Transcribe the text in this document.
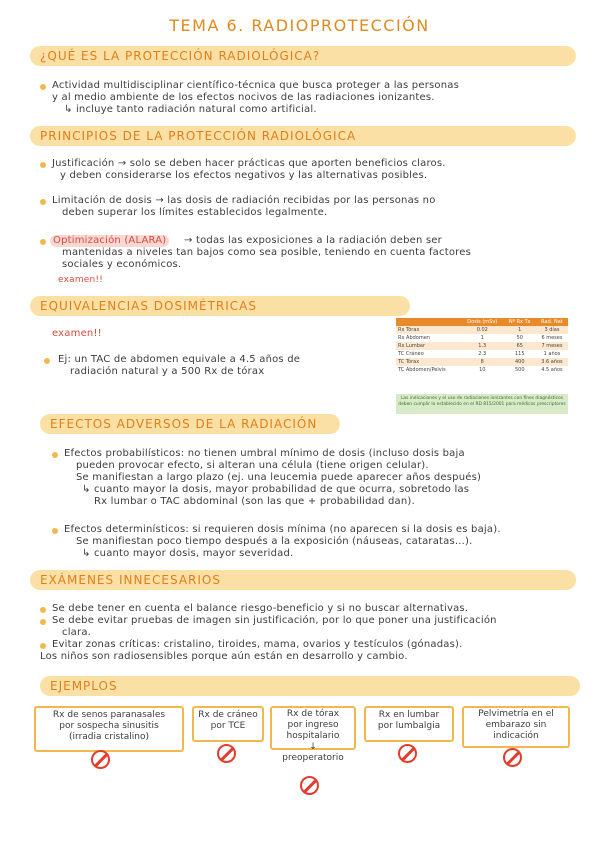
TEMA 6. RADIOPROTECCIÓN
¿QUÉ ES LA PROTECCIÓN RADIOLÓGICA?
Actividad multidisciplinar científico-técnica que busca proteger a las personas
y al medio ambiente de los efectos nocivos de las radiaciones ionizantes.
↳ incluye tanto radiación natural como artificial.
PRINCIPIOS DE LA PROTECCIÓN RADIOLÓGICA
Justificación → solo se deben hacer prácticas que aporten beneficios claros.
y deben considerarse los efectos negativos y las alternativas posibles.
Limitación de dosis → las dosis de radiación recibidas por las personas no
deben superar los límites establecidos legalmente.
Optimización (ALARA)	→ todas las exposiciones a la radiación deben ser
mantenidas a niveles tan bajos como sea posible, teniendo en cuenta factores
sociales y económicos.
examen!!
EQUIVALENCIAS DOSIMÉTRICAS
examen!!
Ej: un TAC de abdomen equivale a 4.5 años de
radiación natural y a 500 Rx de tórax
	Dosis (mSv)	Nº Rx Tx	Rad. Nat
Rx Tórax	0.02	1	3 días
Rx Abdomen	1	50	6 meses
Rx Lumbar	1.3	65	7 meses
TC Cráneo	2.3	115	1 años
TC Tórax	8	400	3.6 años
TC Abdomen/Pelvis	10	500	4.5 años
Las indicaciones y el uso de radiaciones ionizantes con fines diagnósticos deben cumplir lo establecido en el RD 815/2001 para médicos prescriptores
EFECTOS ADVERSOS DE LA RADIACIÓN
Efectos probabilísticos: no tienen umbral mínimo de dosis (incluso dosis baja
pueden provocar efecto, si alteran una célula (tiene origen celular).
Se manifiestan a largo plazo (ej. una leucemia puede aparecer años después)
↳ cuanto mayor la dosis, mayor probabilidad de que ocurra, sobretodo las
Rx lumbar o TAC abdominal (son las que + probabilidad dan).
Efectos determinísticos: si requieren dosis mínima (no aparecen si la dosis es baja).
Se manifiestan poco tiempo después a la exposición (náuseas, cataratas...).
↳ cuanto mayor dosis, mayor severidad.
EXÁMENES INNECESARIOS
Se debe tener en cuenta el balance riesgo-beneficio y si no buscar alternativas.
Se debe evitar pruebas de imagen sin justificación, por lo que poner una justificación
clara.
Evitar zonas críticas: cristalino, tiroides, mama, ovarios y testículos (gónadas).
Los niños son radiosensibles porque aún están en desarrollo y cambio.
EJEMPLOS
Rx de senos paranasales
por sospecha sinusitis
(irradia cristalino)
Rx de cráneo
por TCE
Rx de tórax
por ingreso
hospitalario
↓
preoperatorio
Rx en lumbar
por lumbalgia
Pelvimetría en el
embarazo sin
indicación
